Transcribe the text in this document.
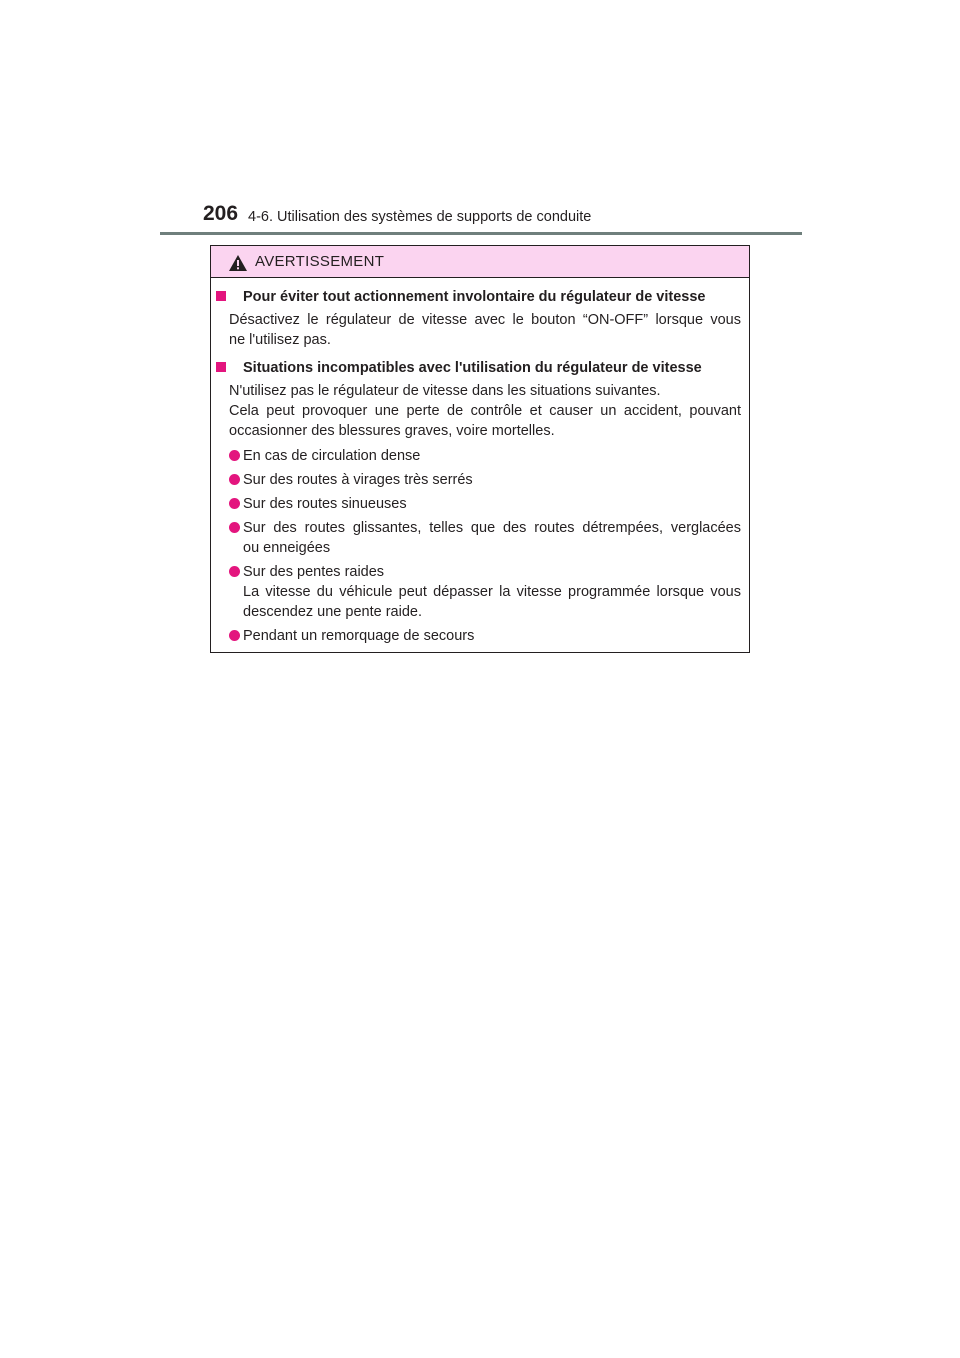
206 4-6. Utilisation des systèmes de supports de conduite
AVERTISSEMENT
Pour éviter tout actionnement involontaire du régulateur de vitesse
Désactivez le régulateur de vitesse avec le bouton “ON-OFF” lorsque vous
ne l'utilisez pas.
Situations incompatibles avec l'utilisation du régulateur de vitesse
N'utilisez pas le régulateur de vitesse dans les situations suivantes.
Cela peut provoquer une perte de contrôle et causer un accident, pouvant
occasionner des blessures graves, voire mortelles.
En cas de circulation dense
Sur des routes à virages très serrés
Sur des routes sinueuses
Sur des routes glissantes, telles que des routes détrempées, verglacées
ou enneigées
Sur des pentes raides
La vitesse du véhicule peut dépasser la vitesse programmée lorsque vous
descendez une pente raide.
Pendant un remorquage de secours
